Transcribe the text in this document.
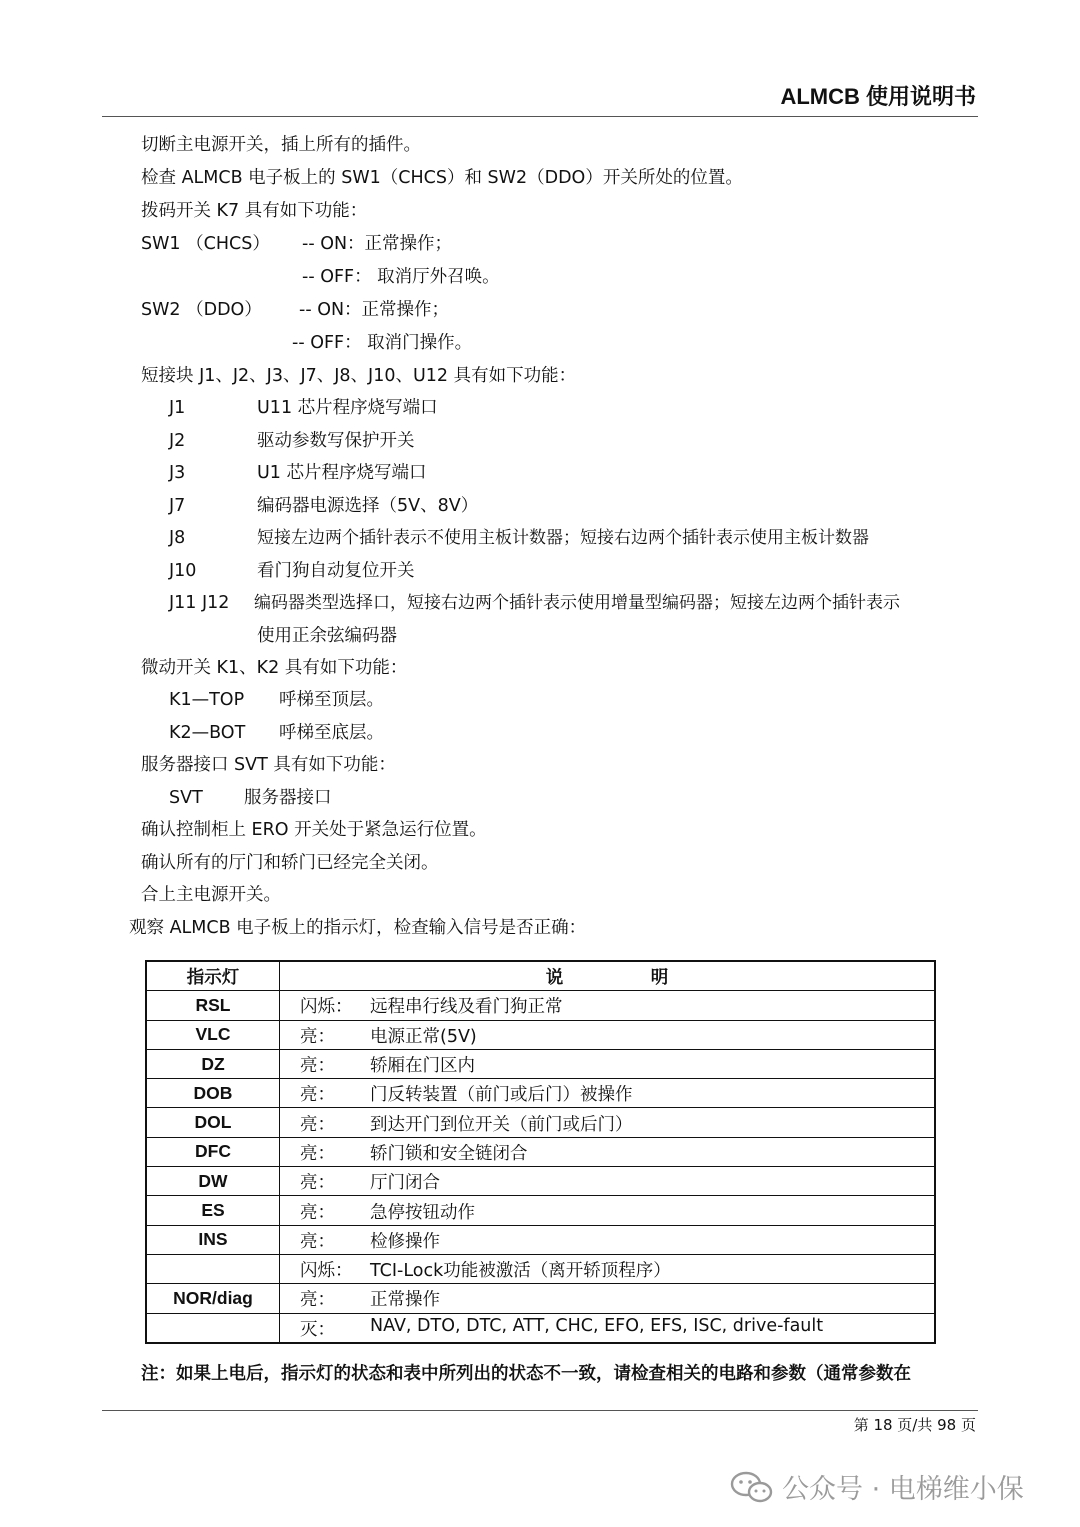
ALMCB 使用说明书
切断主电源开关，插上所有的插件。
检查 ALMCB 电子板上的 SW1（CHCS）和 SW2（DDO）开关所处的位置。
拨码开关 K7 具有如下功能：
SW1 （CHCS） -- ON：正常操作；
-- OFF： 取消厅外召唤。
SW2 （DDO） -- ON：正常操作；
-- OFF： 取消门操作。
短接块 J1、J2、J3、J7、J8、J10、U12 具有如下功能：
J1	U11 芯片程序烧写端口
J2	驱动参数写保护开关
J3	U1 芯片程序烧写端口
J7	编码器电源选择（5V、8V）
J8	短接左边两个插针表示不使用主板计数器；短接右边两个插针表示使用主板计数器
J10	看门狗自动复位开关
J11 J12 编码器类型选择口，短接右边两个插针表示使用增量型编码器；短接左边两个插针表示
使用正余弦编码器
微动开关 K1、K2 具有如下功能：
K1—TOP 呼梯至顶层。
K2—BOT 呼梯至底层。
服务器接口 SVT 具有如下功能：
SVT 服务器接口
确认控制柜上 ERO 开关处于紧急运行位置。
确认所有的厅门和轿门已经完全关闭。
合上主电源开关。
观察 ALMCB 电子板上的指示灯，检查输入信号是否正确：
指示灯	说　　　　　明
RSL	闪烁： 远程串行线及看门狗正常

VLC	亮： 电源正常(5V)

DZ	亮： 轿厢在门区内

DOB	亮： 门反转装置（前门或后门）被操作

DOL	亮： 到达开门到位开关（前门或后门）

DFC	亮： 轿门锁和安全链闭合

DW	亮： 厅门闭合

ES	亮： 急停按钮动作

INS	亮： 检修操作

	闪烁： TCI-Lock功能被激活（离开轿顶程序）

NOR/diag	亮： 正常操作

	灭： NAV, DTO, DTC, ATT, CHC, EFO, EFS, ISC, drive-fault
注：如果上电后，指示灯的状态和表中所列出的状态不一致，请检查相关的电路和参数（通常参数在
第 18 页/共 98 页
公众号 · 电梯维小保
